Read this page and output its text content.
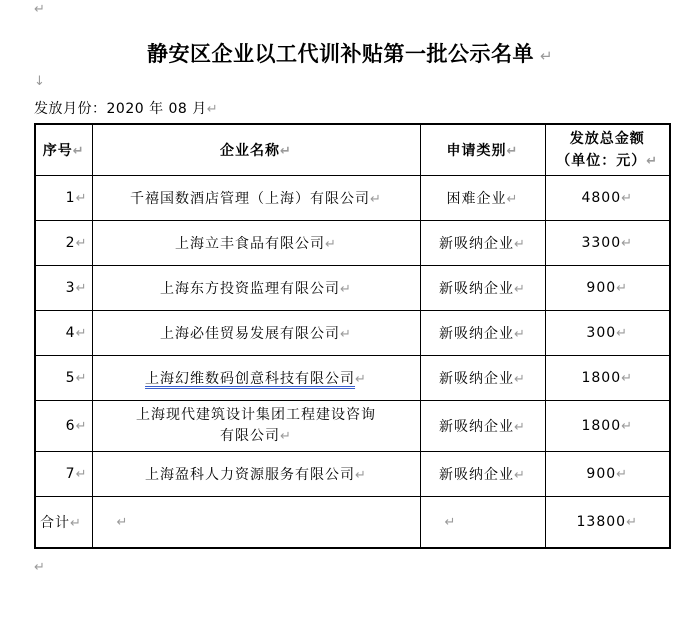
↵
静安区企业以工代训补贴第一批公示名单 ↵
↓
发放月份：2020 年 08 月↵
序号↵	企业名称↵	申请类别↵	发放总金额
（单位：元）↵
1↵	千禧国数酒店管理（上海）有限公司↵	困难企业↵	4800↵
2↵	上海立丰食品有限公司↵	新吸纳企业↵	3300↵
3↵	上海东方投资监理有限公司↵	新吸纳企业↵	900↵
4↵	上海必佳贸易发展有限公司↵	新吸纳企业↵	300↵
5↵	上海幻维数码创意科技有限公司↵	新吸纳企业↵	1800↵
6↵	上海现代建筑设计集团工程建设咨询
有限公司↵	新吸纳企业↵	1800↵
7↵	上海盈科人力资源服务有限公司↵	新吸纳企业↵	900↵
合计↵	↵	↵	13800↵
↵
